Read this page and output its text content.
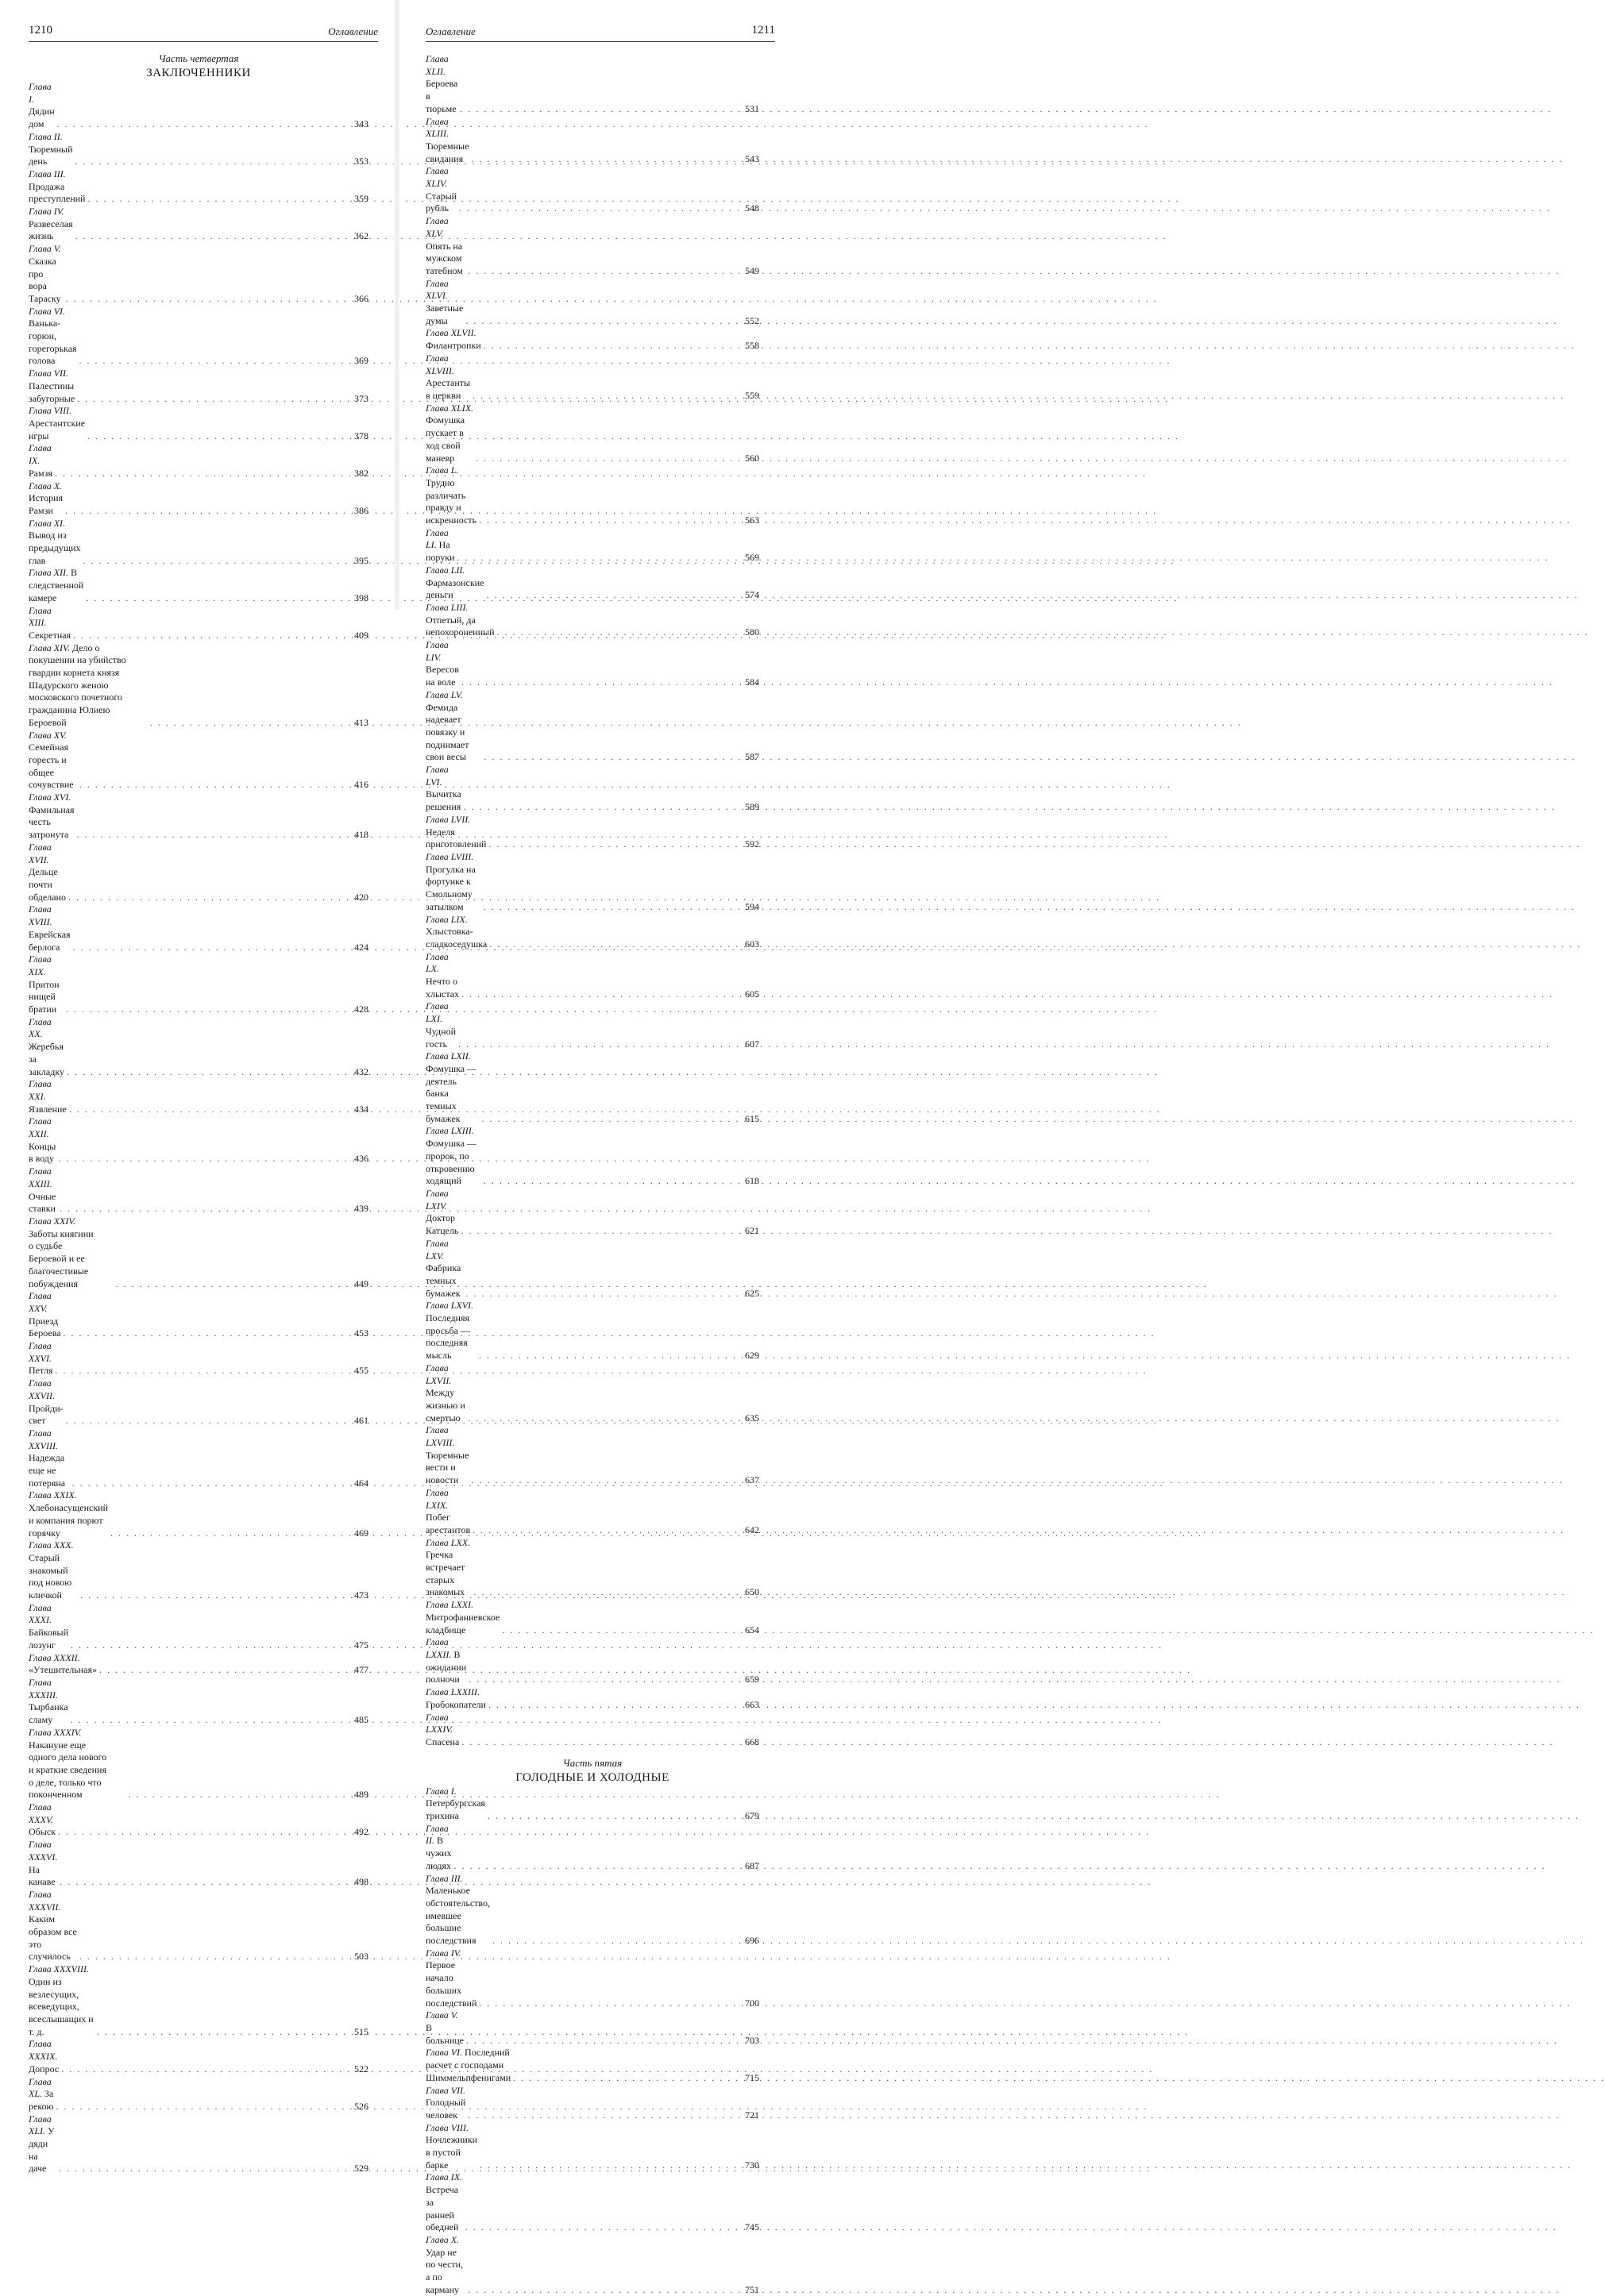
1210	Оглавление
Часть четвертая
ЗАКЛЮЧЕННИКИ
Глава I. Дядин дом . . .	343
Глава II. Тюремный день . . .	353
Глава III. Продажа преступлений . . .	359
Глава IV. Развеселая жизнь . . .	362
Глава V. Сказка про вора Тараску . . .	366
Глава VI. Ванька-горюн, горегорькая голова . . .	369
Глава VII. Палестины забугорные . . .	373
Глава VIII. Арестантские игры . . .	378
Глава IX. Рамзя . . .	382
Глава X. История Рамзи . . .	386
Глава XI. Вывод из предыдущих глав . . .	395
Глава XII. В следственной камере . . .	398
Глава XIII. Секретная . . .	409
Глава XIV. Дело о покушении на убийство гвардии корнета князя Шадурского женою московского почетного гражданина Юлиею Бероевой . . .	413
Глава XV. Семейная горесть и общее сочувствие . . .	416
Глава XVI. Фамильная честь затронута . . .	418
Глава XVII. Дельце почти обделано . . .	420
Глава XVIII. Еврейская берлога . . .	424
Глава XIX. Притон нищей братии . . .	428
Глава XX. Жеребья за закладку . . .	432
Глава XXI. Язвление . . .	434
Глава XXII. Концы в воду . . .	436
Глава XXIII. Очные ставки . . .	439
Глава XXIV. Заботы княгини о судьбе Бероевой и ее благочестивые побуждения . . .	449
Глава XXV. Приезд Бероева . . .	453
Глава XXVI. Петля . . .	455
Глава XXVII. Пройди-свет . . .	461
Глава XXVIII. Надежда еще не потеряна . . .	464
Глава XXIX. Хлебонасущенский и компания порют горячку . . .	469
Глава XXX. Старый знакомый под новою кличкой . . .	473
Глава XXXI. Байковый лозунг . . .	475
Глава XXXII. «Утешительная» . . .	477
Глава XXXIII. Тырбанка сламу . . .	485
Глава XXXIV. Накануне еще одного дела нового и краткие сведения о деле, только что поконченном . . .	489
Глава XXXV. Обыск . . .	492
Глава XXXVI. На канаве . . .	498
Глава XXXVII. Каким образом все это случилось . . .	503
Глава XXXVIII. Один из везлесущих, всеведущих, всеслышащих и т. д. . . .	515
Глава XXXIX. Допрос . . .	522
Глава XL. За рекою . . .	526
Глава XLI. У дяди на даче . . .	529
Оглавление	1211
Глава XLII. Берoева в тюрьме . . .	531
Глава XLIII. Тюремные свидания . . .	543
Глава XLIV. Старый рубль . . .	548
Глава XLV. Опять на мужском татебном . . .	549
Глава XLVI. Заветные думы . . .	552
Глава XLVII. Филантропки . . .	558
Глава XLVIII. Арестанты в церкви . . .	559
Глава XLIX. Фомушка пускает в ход свой маневр . . .	560
Глава L. Трудно различать правду и искренность . . .	563
Глава LI. На поруки . . .	569
Глава LII. Фармазонские деньги . . .	574
Глава LIII. Отпетый, да непохороненный . . .	580
Глава LIV. Вересов на воле . . .	584
Глава LV. Фемида надевает повязку и поднимает свои весы . . .	587
Глава LVI. Вычитка решения . . .	589
Глава LVII. Неделя приготовлений . . .	592
Глава LVIII. Прогулка на фортунке к Смольному затылком . . .	594
Глава LIX. Хлыстовка-сладкоседушка . . .	603
Глава LX. Нечто о хлыстах . . .	605
Глава LXI. Чудной гость . . .	607
Глава LXII. Фомушка — деятель банка темных бумажек . . .	615
Глава LXIII. Фомушка — пророк, по откровению ходящий . . .	618
Глава LXIV. Доктор Катцель . . .	621
Глава LXV. Фабрика темных бумажек . . .	625
Глава LXVI. Последняя просьба — последняя мысль . . .	629
Глава LXVII. Между жизнью и смертью . . .	635
Глава LXVIII. Тюремные вести и новости . . .	637
Глава LXIX. Побег арестантов . . .	642
Глава LXX. Гречка встречает старых знакомых . . .	650
Глава LXXI. Митрофаниевское кладбище . . .	654
Глава LXXII. В ожидании полночи . . .	659
Глава LXXIII. Гробокопатели . . .	663
Глава LXXIV. Спасена . . .	668
Часть пятая
ГОЛОДНЫЕ И ХОЛОДНЫЕ
Глава I. Петербургская трихина . . .	679
Глава II. В чужих людях . . .	687
Глава III. Маленькое обстоятельство, имевшее большие последствия . . .	696
Глава IV. Первое начало больших последствий . . .	700
Глава V. В больнице . . .	703
Глава VI. Последний расчет с господами Шиммельпфенигами . . .	715
Глава VII. Голодный человек . . .	721
Глава VIII. Ночлежники в пустой барке . . .	730
Глава IX. Встреча за ранней обедней . . .	745
Глава X. Удар не по чести, а по карману . . .	751
